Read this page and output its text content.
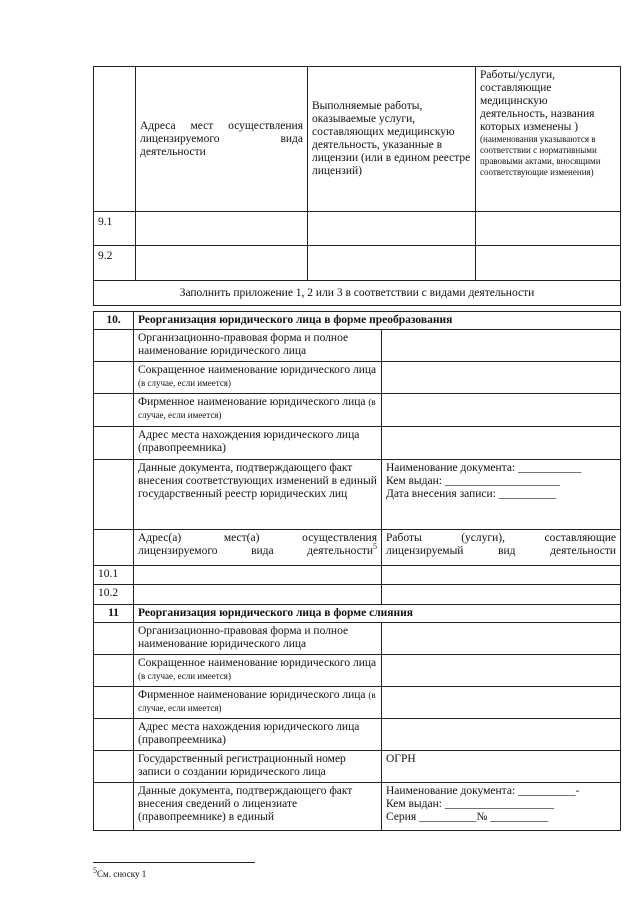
	Адреса мест осуществления лицензируемого вида деятельности	Выполняемые работы, оказываемые услуги, составляющих медицинскую деятельность, указанные в лицензии (или в едином реестре лицензий)	Работы/услуги, составляющие медицинскую деятельность, названия которых изменены )
(наименования указываются в соответствии с нормативными правовыми актами, вносящими соответствующие изменения)

9.1			
9.2			
Заполнить приложение 1, 2 или 3 в соответствии с видами деятельности			
10.	Реорганизация юридического лица в форме преобразования	
	Организационно-правовая форма и полное наименование юридического лица	
	Сокращенное наименование юридического лица (в случае, если имеется)	
	Фирменное наименование юридического лица (в случае, если имеется)	
	Адрес места нахождения юридического лица (правопреемника)	
	Данные документа, подтверждающего факт внесения соответствующих изменений в единый государственный реестр юридических лиц	Наименование документа: ___________
Кем выдан: ____________________
Дата внесения записи: __________

	Адрес(а) мест(а) осуществления лицензируемого вида деятельности$^5$	Работы (услуги), составляющие лицензируемый вид деятельности

10.1		
10.2		
11	Реорганизация юридического лица в форме слияния	
	Организационно-правовая форма и полное наименование юридического лица	
	Сокращенное наименование юридического лица (в случае, если имеется)	
	Фирменное наименование юридического лица (в случае, если имеется)	
	Адрес места нахождения юридического лица (правопреемника)	
	Государственный регистрационный номер записи о создании юридического лица	ОГРН
	Данные документа, подтверждающего факт внесения сведений о лицензиате (правопреемнике) в единый	Наименование документа: __________-
Кем выдан: ___________________
Серия __________№ __________
5См. сноску 1
